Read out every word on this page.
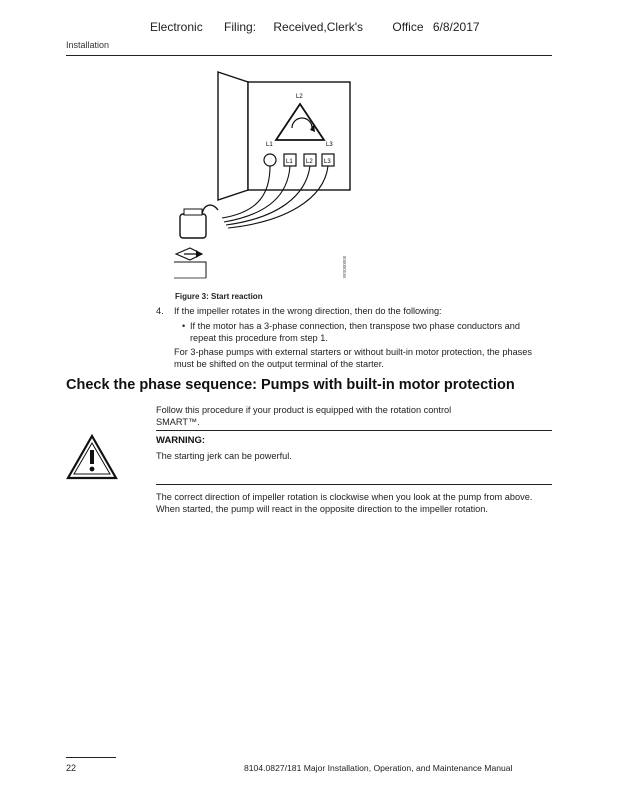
Electronic Filing: Received,Clerk's Office 6/8/2017
Installation
L2
L1	L3
L1 L2 L3
WS000000
Figure 3: Start reaction
4. If the impeller rotates in the wrong direction, then do the following:
• If the motor has a 3-phase connection, then transpose two phase conductors and repeat this procedure from step 1.
For 3-phase pumps with external starters or without built-in motor protection, the phases must be shifted on the output terminal of the starter.
Check the phase sequence: Pumps with built-in motor protection
Follow this procedure if your product is equipped with the rotation control
SMART™.
WARNING:
The starting jerk can be powerful.
The correct direction of impeller rotation is clockwise when you look at the pump from above. When started, the pump will react in the opposite direction to the impeller rotation.
22	8104.0827/181 Major Installation, Operation, and Maintenance Manual
